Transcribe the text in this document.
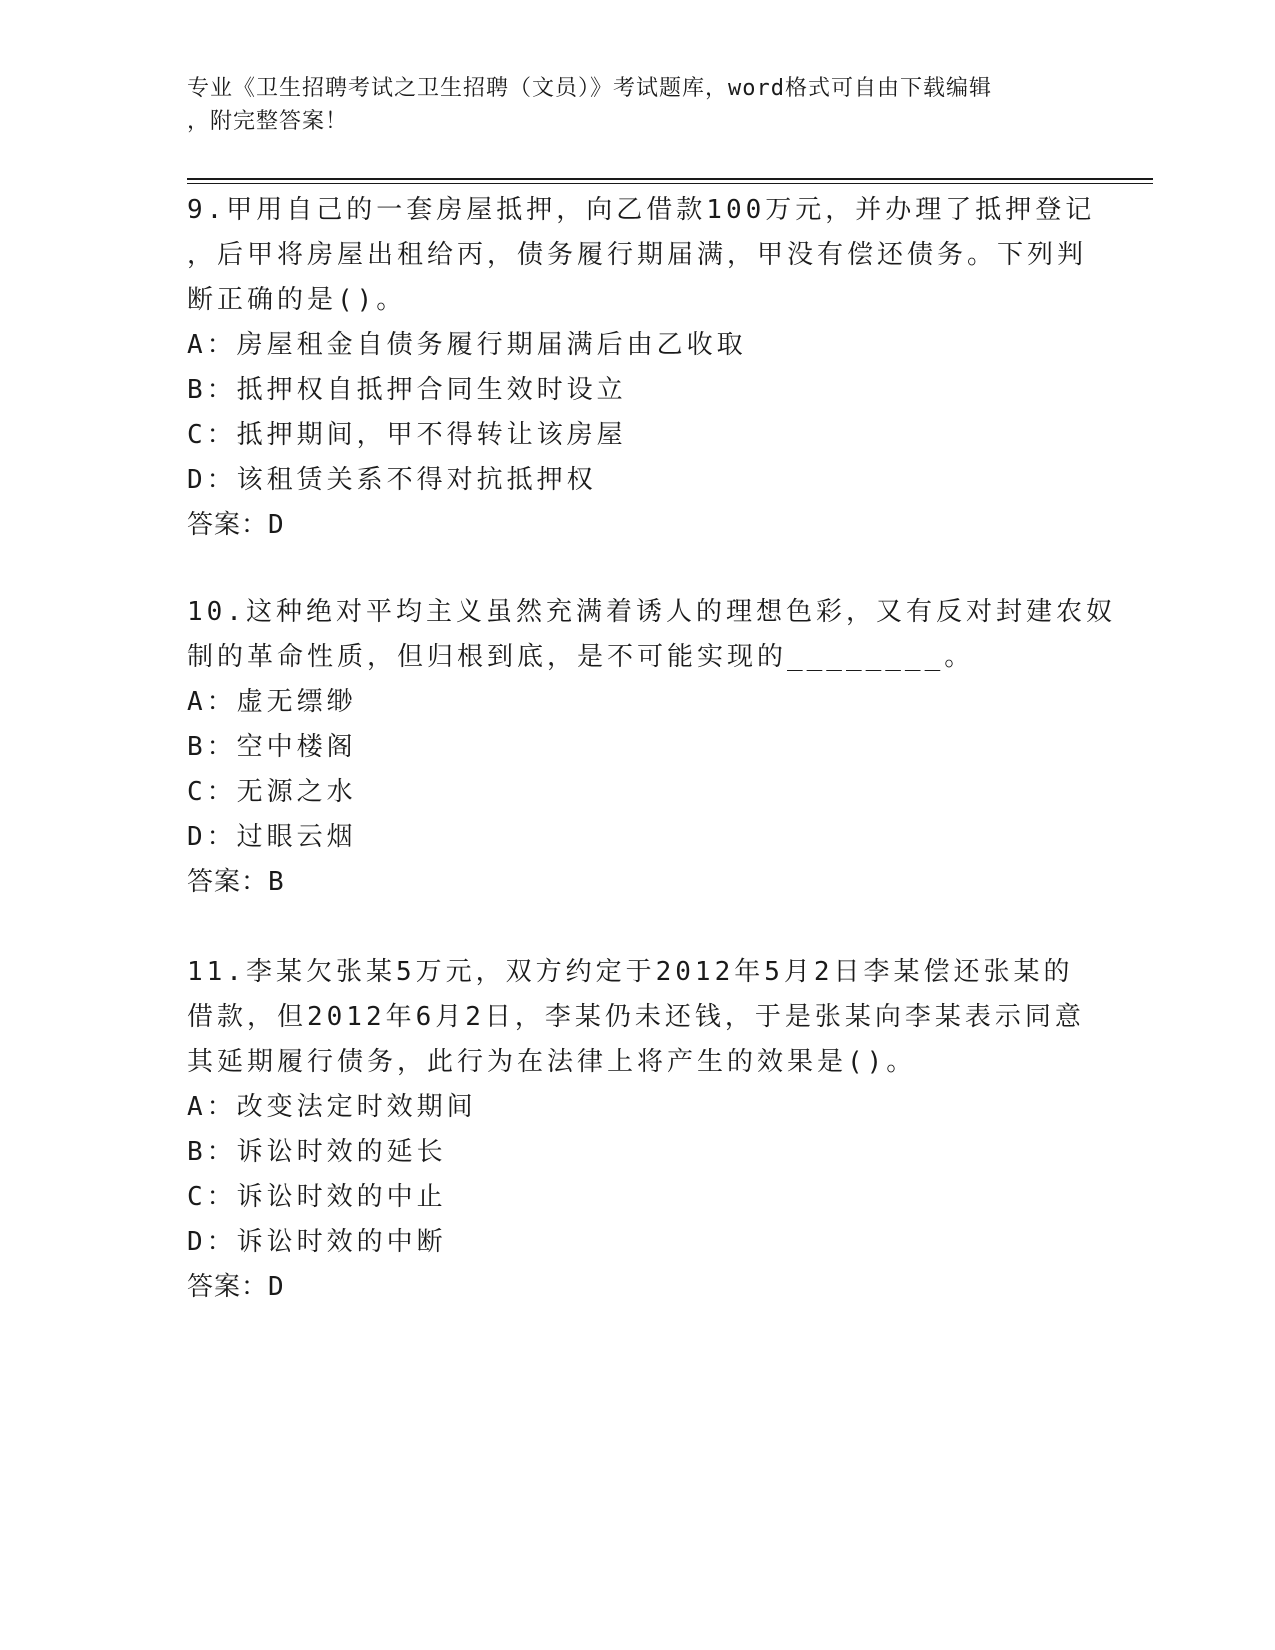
专业《卫生招聘考试之卫生招聘（文员）》考试题库，word格式可自由下载编辑
，附完整答案！
9.甲用自己的一套房屋抵押，向乙借款100万元，并办理了抵押登记
，后甲将房屋出租给丙，债务履行期届满，甲没有偿还债务。下列判
断正确的是()。
A：房屋租金自债务履行期届满后由乙收取
B：抵押权自抵押合同生效时设立
C：抵押期间，甲不得转让该房屋
D：该租赁关系不得对抗抵押权
答案：D
10.这种绝对平均主义虽然充满着诱人的理想色彩，又有反对封建农奴
制的革命性质，但归根到底，是不可能实现的________。
A：虚无缥缈
B：空中楼阁
C：无源之水
D：过眼云烟
答案：B
11.李某欠张某5万元，双方约定于2012年5月2日李某偿还张某的
借款，但2012年6月2日，李某仍未还钱，于是张某向李某表示同意
其延期履行债务，此行为在法律上将产生的效果是()。
A：改变法定时效期间
B：诉讼时效的延长
C：诉讼时效的中止
D：诉讼时效的中断
答案：D
